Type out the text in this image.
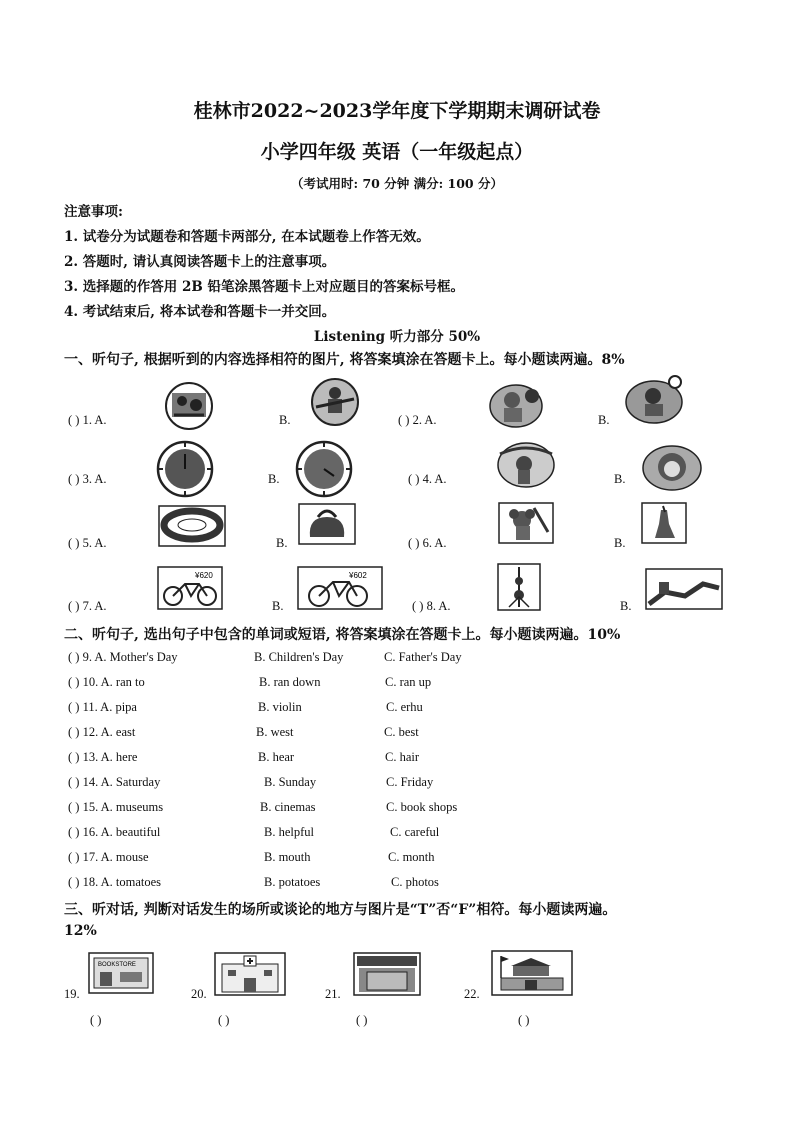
桂林市2022~2023学年度下学期期末调研试卷
小学四年级 英语（一年级起点）
（考试用时: 70 分钟 满分: 100 分）
注意事项:
1. 试卷分为试题卷和答题卡两部分, 在本试题卷上作答无效。
2. 答题时, 请认真阅读答题卡上的注意事项。
3. 选择题的作答用 2B 铅笔涂黑答题卡上对应题目的答案标号框。
4. 考试结束后, 将本试卷和答题卡一并交回。
Listening 听力部分 50%
一、听句子, 根据听到的内容选择相符的图片, 将答案填涂在答题卡上。每小题读两遍。8%
( ) 1. A.	B.	( ) 2. A.	B.
( ) 3. A.	B.	( ) 4. A.	B.
( ) 5. A.	B.	( ) 6. A.	B.
( ) 7. A.	B.	( ) 8. A.	B.
¥620	¥602
二、听句子, 选出句子中包含的单词或短语, 将答案填涂在答题卡上。每小题读两遍。10%
( ) 9. A. Mother's Day	B. Children's Day	C. Father's Day
( ) 10. A. ran to	B. ran down	C. ran up
( ) 11. A. pipa	B. violin	C. erhu
( ) 12. A. east	B. west	C. best
( ) 13. A. here	B. hear	C. hair
( ) 14. A. Saturday	B. Sunday	C. Friday
( ) 15. A. museums	B. cinemas	C. book shops
( ) 16. A. beautiful	B. helpful	C. careful
( ) 17. A. mouse	B. mouth	C. month
( ) 18. A. tomatoes	B. potatoes	C. photos
三、听对话, 判断对话发生的场所或谈论的地方与图片是“T”否“F”相符。每小题读两遍。
12%
19.
BOOKSTORE
( )
20.
( )
21.
( )
22.
( )
